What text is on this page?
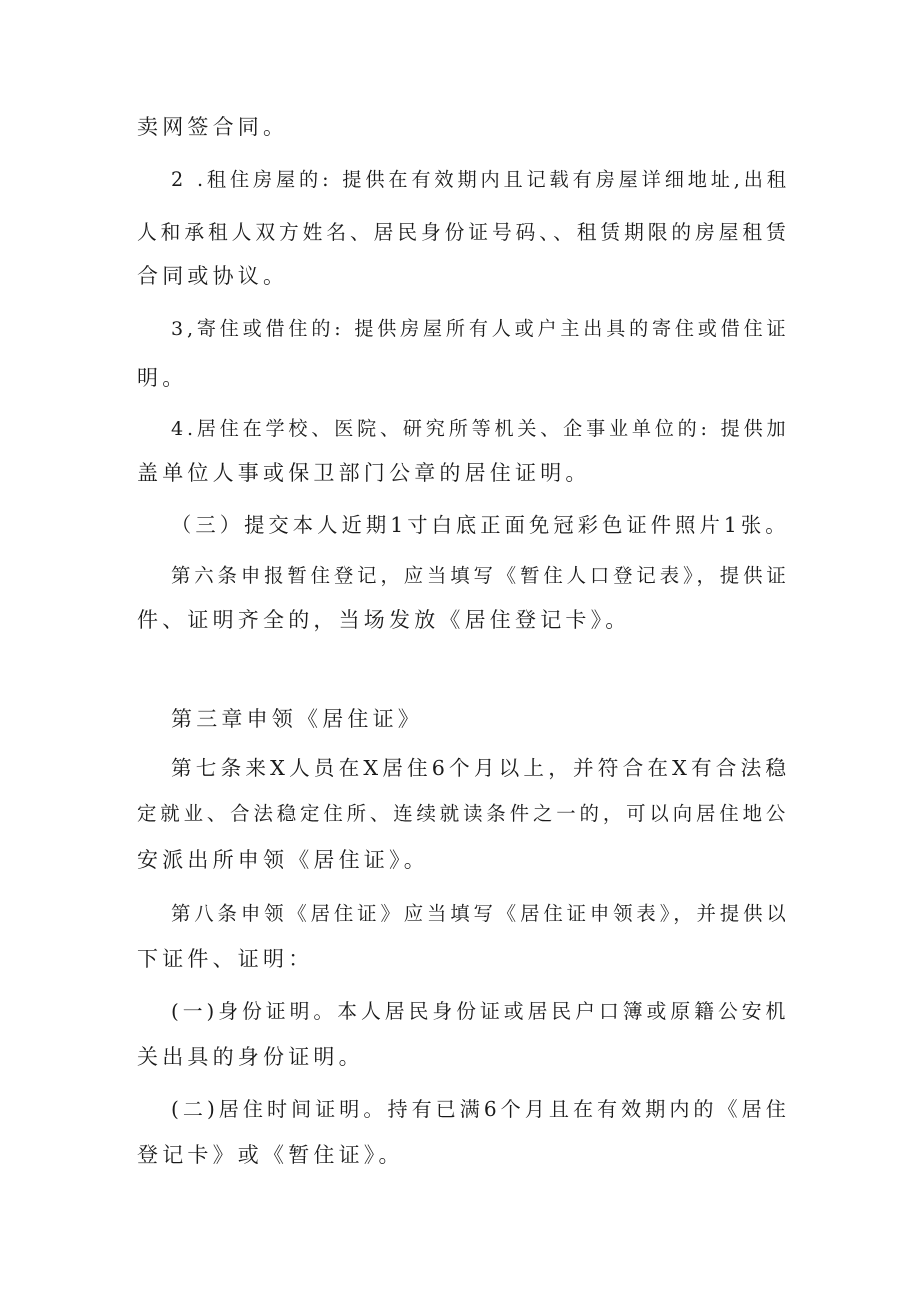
卖网签合同。
2 .租住房屋的: 提供在有效期内且记载有房屋详细地址,出租
人和承租人双方姓名、居民身份证号码、、租赁期限的房屋租赁
合同或协议。
3,寄住或借住的: 提供房屋所有人或户主出具的寄住或借住证
明。
4.居住在学校、医院、研究所等机关、企事业单位的: 提供加
盖单位人事或保卫部门公章的居住证明。
（三）提交本人近期1寸白底正面免冠彩色证件照片1张。
第六条申报暂住登记，应当填写《暂住人口登记表》，提供证
件、证明齐全的，当场发放《居住登记卡》。
第三章申领《居住证》
第七条来X人员在X居住6个月以上，并符合在X有合法稳
定就业、合法稳定住所、连续就读条件之一的，可以向居住地公
安派出所申领《居住证》。
第八条申领《居住证》应当填写《居住证申领表》，并提供以
下证件、证明：
(一)身份证明。本人居民身份证或居民户口簿或原籍公安机
关出具的身份证明。
(二)居住时间证明。持有已满6个月且在有效期内的《居住
登记卡》或《暂住证》。
